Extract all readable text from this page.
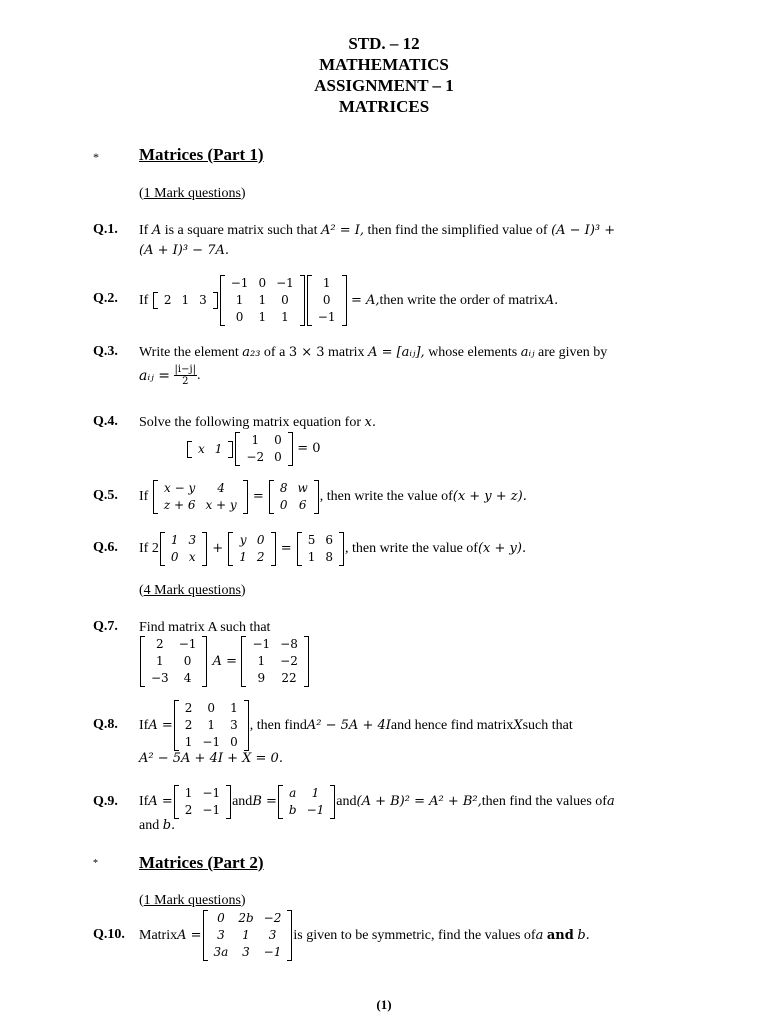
STD. – 12
MATHEMATICS
ASSIGNMENT – 1
MATRICES
* Matrices (Part 1)
(1 Mark questions)
Q.1. If A is a square matrix such that A² = I, then find the simplified value of (A − I)³ +
(A + I)³ − 7A.
Q.2. If
2	1	3
−1	0	−1
1	1	0
0	1	1
1
0
−1

= A, then write the order of matrix A.
Q.3. Write the element a₂₃ of a 3 × 3 matrix A = [aᵢⱼ], whose elements aᵢⱼ are given by
aᵢⱼ =
$\frac{|i-j|}{2}$ .
Q.4. Solve the following matrix equation for x.
x	1
1	0
−2	0

= 0
Q.5. If

x − y	4
z + 6	x + y
=
8	w
0	6
, then write the value of (x + y + z).
Q.6. If 2
1	3
0	x
+
y	0
1	2
=
5	6
1	8
, then write the value of (x + y).
(4 Mark questions)
Q.7. Find matrix A such that
2	−1
1	0
−3	4

A =

−1	−8
1	−2
9	22
Q.8. If A =
2	0	1
2	1	3
1	−1	0
, then find A² − 5A + 4I and hence find matrix X such that
A² − 5A + 4I + X = 0.
Q.9. If A =
1	−1
2	−1
and B =
a	1
b	−1
and (A + B)² = A² + B², then find the values of a
and b.
* Matrices (Part 2)
(1 Mark questions)
Q.10. Matrix A =
0	2b	−2
3	1	3
3a	3	−1
is given to be symmetric, find the values of a
and
b.
(1)
